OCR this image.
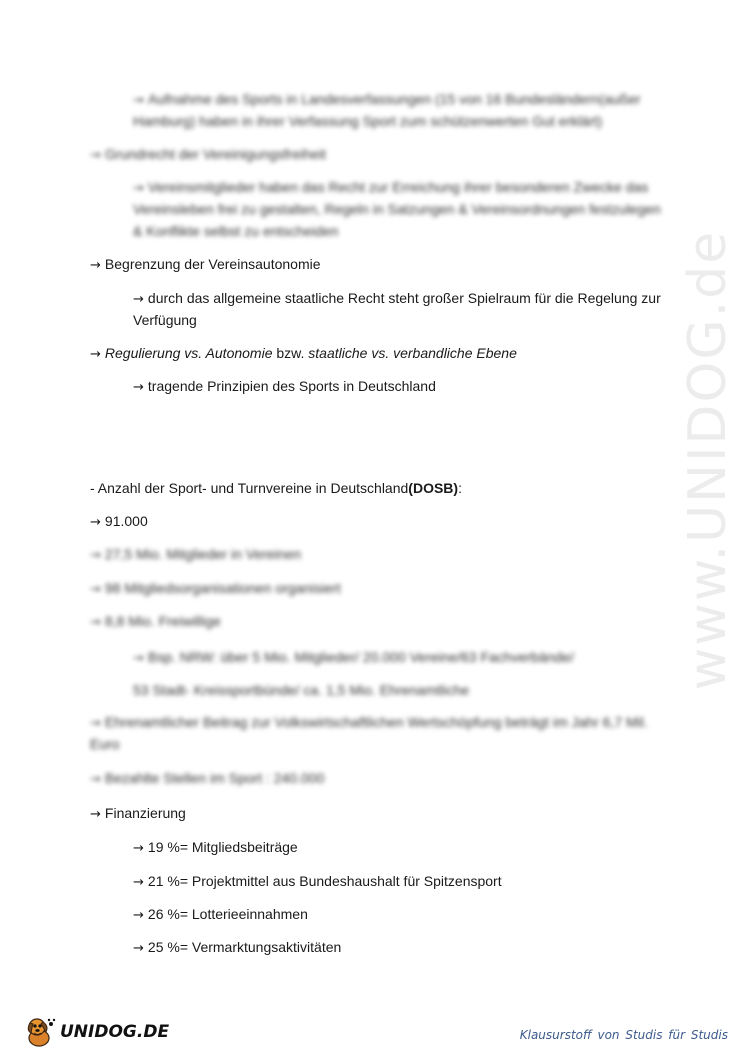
www.UNIDOG.de
→ Aufnahme des Sports in Landesverfassungen (15 von 16 Bundesländern(außer
Hamburg) haben in ihrer Verfassung Sport zum schützenwerten Gut erklärt)
→ Grundrecht der Vereinigungsfreiheit
→ Vereinsmitglieder haben das Recht zur Erreichung ihrer besonderen Zwecke das
Vereinsleben frei zu gestalten, Regeln in Satzungen & Vereinsordnungen festzulegen
& Konflikte selbst zu entscheiden
→ Begrenzung der Vereinsautonomie
→ durch das allgemeine staatliche Recht steht großer Spielraum für die Regelung zur
Verfügung
→ Regulierung vs. Autonomie bzw. staatliche vs. verbandliche Ebene
→ tragende Prinzipien des Sports in Deutschland
- Anzahl der Sport- und Turnvereine in Deutschland(DOSB):
→ 91.000
→ 27,5 Mio. Mitglieder in Vereinen
→ 98 Mitgliedsorganisationen organisiert
→ 8,8 Mio. Freiwillige
→ Bsp. NRW: über 5 Mio. Mitglieder/ 20.000 Vereine/63 Fachverbände/
53 Stadt- Kreissportbünde/ ca. 1,5 Mio. Ehrenamtliche
→ Ehrenamtlicher Beitrag zur Volkswirtschaftlichen Wertschöpfung beträgt im Jahr 6,7 Mil.
Euro
→ Bezahlte Stellen im Sport : 240.000
→ Finanzierung
→ 19 %= Mitgliedsbeiträge
→ 21 %= Projektmittel aus Bundeshaushalt für Spitzensport
→ 26 %= Lotterieeinnahmen
→ 25 %= Vermarktungsaktivitäten
UNIDOG.DE	Klausurstoff von Studis für Studis
